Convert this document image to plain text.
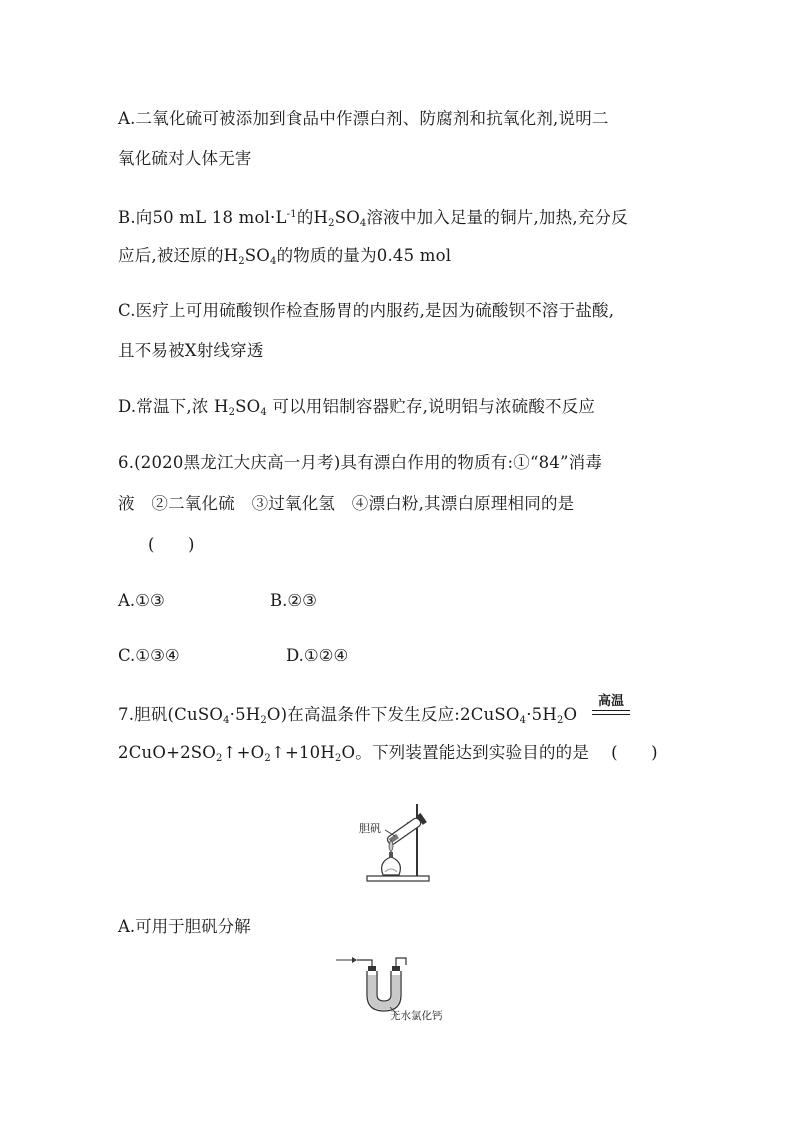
A.二氧化硫可被添加到食品中作漂白剂、防腐剂和抗氧化剂,说明二
氧化硫对人体无害
B.向50 mL 18 $mol\cdot L^{-1}$的$H_2SO_4$溶液中加入足量的铜片,加热,充分反
应后,被还原的$H_2SO_4$的物质的量为0.45 mol
C.医疗上可用硫酸钡作检查肠胃的内服药,是因为硫酸钡不溶于盐酸,
且不易被X射线穿透
D.常温下,浓 $H_2SO_4$ 可以用铝制容器贮存,说明铝与浓硫酸不反应
6.(2020黑龙江大庆高一月考)具有漂白作用的物质有:①“84”消毒
液　②二氧化硫　③过氧化氢　④漂白粉,其漂白原理相同的是
(　　)
A.①③	B.②③
C.①③④	D.①②④
7.胆矾$(CuSO_4\cdot 5H_2O)$在高温条件下发生反应$:2CuSO_4\cdot 5H_2O$
高温
$2CuO+2SO_2↑+O_2↑+10H_2O$。下列装置能达到实验目的的是 (　　)
胆矾
A.可用于胆矾分解
无水氯化钙
